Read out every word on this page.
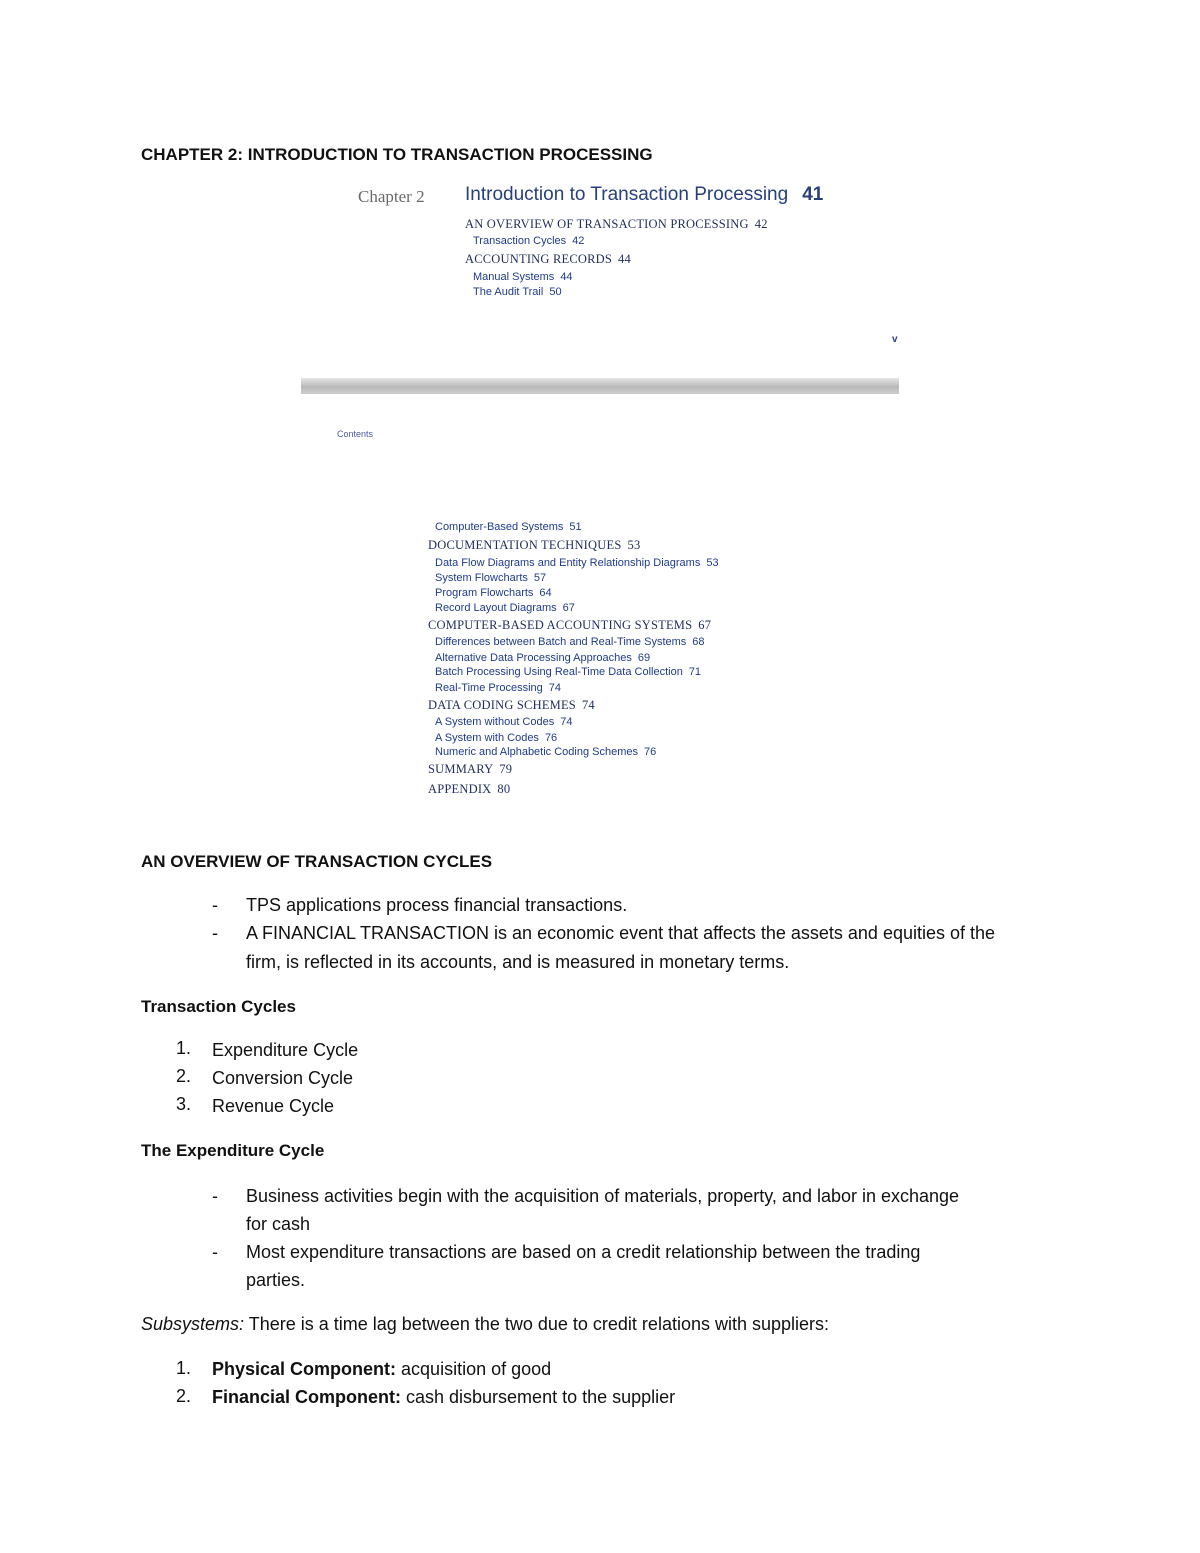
CHAPTER 2: INTRODUCTION TO TRANSACTION PROCESSING
Chapter 2 Introduction to Transaction Processing 41
AN OVERVIEW OF TRANSACTION PROCESSING 42
Transaction Cycles 42
ACCOUNTING RECORDS 44
Manual Systems 44
The Audit Trail 50
v
Contents
Computer-Based Systems 51
DOCUMENTATION TECHNIQUES 53
Data Flow Diagrams and Entity Relationship Diagrams 53
System Flowcharts 57
Program Flowcharts 64
Record Layout Diagrams 67
COMPUTER-BASED ACCOUNTING SYSTEMS 67
Differences between Batch and Real-Time Systems 68
Alternative Data Processing Approaches 69
Batch Processing Using Real-Time Data Collection 71
Real-Time Processing 74
DATA CODING SCHEMES 74
A System without Codes 74
A System with Codes 76
Numeric and Alphabetic Coding Schemes 76
SUMMARY 79
APPENDIX 80
AN OVERVIEW OF TRANSACTION CYCLES
- TPS applications process financial transactions.
- A FINANCIAL TRANSACTION is an economic event that affects the assets and equities of the
firm, is reflected in its accounts, and is measured in monetary terms.
Transaction Cycles
1. Expenditure Cycle
2. Conversion Cycle
3. Revenue Cycle
The Expenditure Cycle
- Business activities begin with the acquisition of materials, property, and labor in exchange
for cash
- Most expenditure transactions are based on a credit relationship between the trading
parties.
Subsystems: There is a time lag between the two due to credit relations with suppliers:
1. Physical Component: acquisition of good
2. Financial Component: cash disbursement to the supplier
